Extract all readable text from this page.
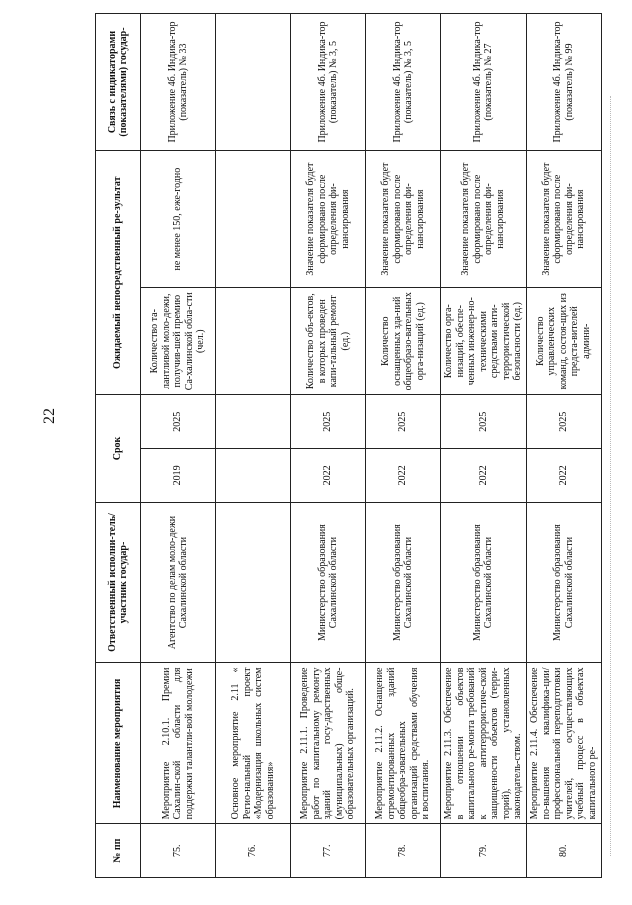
22
№ пп	Наименование мероприятия	Ответственный исполни-тель/участник государ-	Срок		Ожидаемый непосредственный ре-зультат		Связь с индикаторами (показателями) государ-
75.	Мероприятие 2.10.1. Премии Сахалин-ской области для поддержки талантли-вой молодежи	Агентство по делам моло-дежи Сахалинской области	2019	2025	Количество та-лантливой моло-дежи, получив-шей премию Са-халинской обла-сти (чел.)	не менее 150, еже-годно	Приложение 4б. Индика-тор (показатель) № 33
76.	Основное мероприятие 2.11 « Регио-нальный проект «Модернизация школьных систем образования»						
77.	Мероприятие 2.11.1. Проведение работ по капитальному ремонту зданий госу-дарственных (муниципальных) обще-образовательных организаций.	Министерство образования Сахалинской области	2022	2025	Количество объ-ектов, в которых проведен капи-тальный ремонт (ед.)	Значение показателя будет сформировано после определения фи-нансирования	Приложение 4б. Индика-тор (показатель) № 3, 5
78.	Мероприятие 2.11.2. Оснащение отремонтированных зданий общеобра-зовательных организаций средствами обучения и воспитания.	Министерство образования Сахалинской области	2022	2025	Количество оснащенных зда-ний общеобразо-вательных орга-низаций (ед.)	Значение показателя будет сформировано после определения фи-нансирования	Приложение 4б. Индика-тор (показатель) № 3, 5
79.	Мероприятие 2.11.3. Обеспечение в отношении объектов капитального ре-монта требований к антитеррористиче-ской защищенности объектов (терри-торий), установленных законодатель-ством.	Министерство образования Сахалинской области	2022	2025	Количество орга-низаций, обеспе-ченных инженер-но-техническими средствами анти-террористической безопасности (ед.)	Значение показателя будет сформировано после определения фи-нансирования	Приложение 4б. Индика-тор (показатель) № 27
80.	Мероприятие 2.11.4. Обеспечение по-вышения квалифика-ции/профессиональной переподготовки учителей, осуществляющих учебный процесс в объектах капитального ре-	Министерство образования Сахалинской области	2022	2025	Количество управленческих команд, состоя-щих из предста-вителей админи-	Значение показателя будет сформировано после определения фи-нансирования	Приложение 4б. Индика-тор (показатель) № 99
